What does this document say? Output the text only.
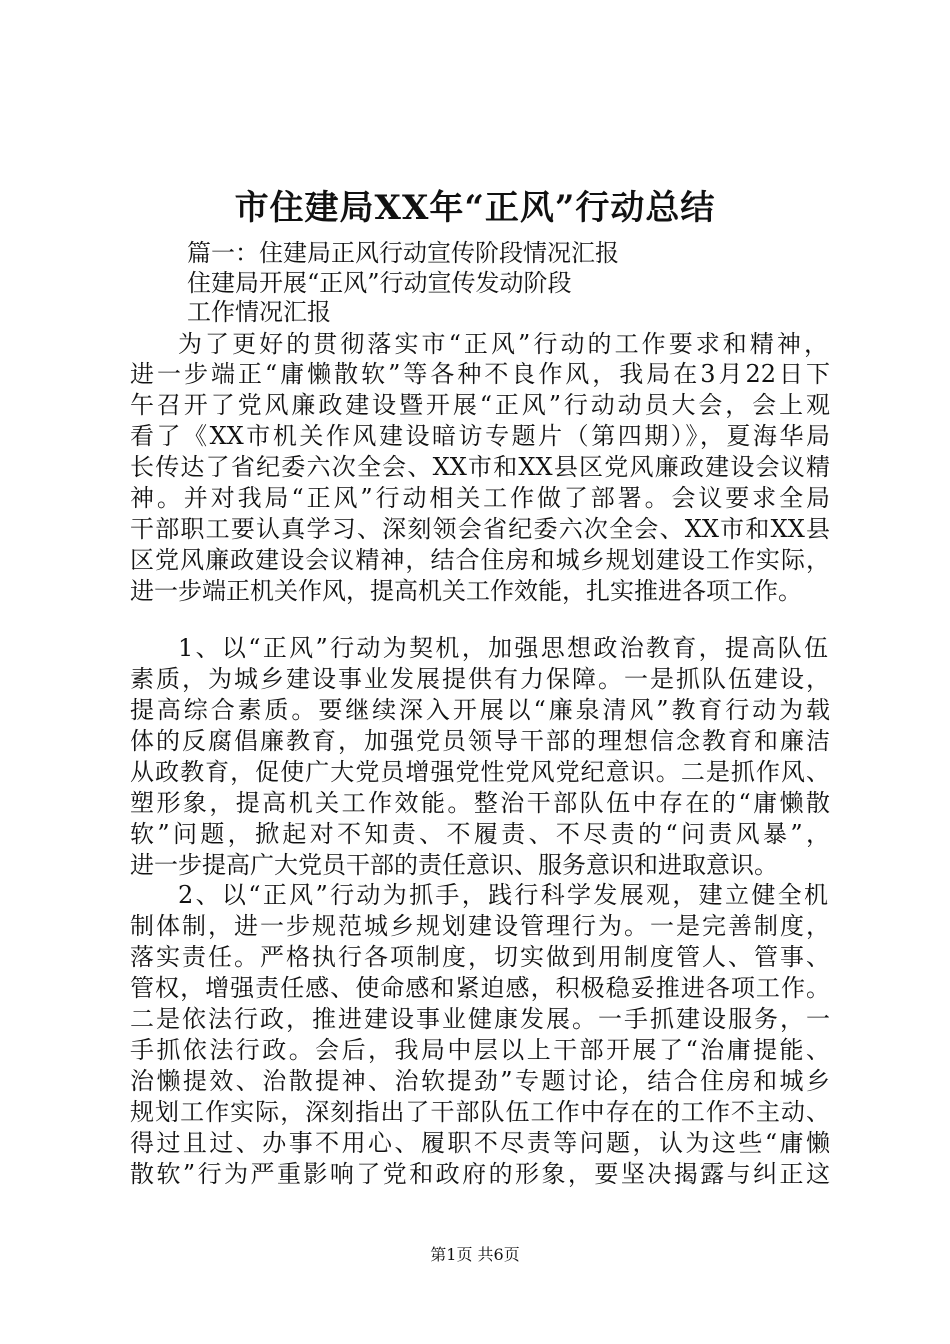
市住建局XX年“正风”行动总结
篇一：住建局正风行动宣传阶段情况汇报
住建局开展“正风”行动宣传发动阶段
工作情况汇报
为了更好的贯彻落实市“正风”行动的工作要求和精神，
进一步端正“庸懒散软”等各种不良作风，我局在3月22日下
午召开了党风廉政建设暨开展“正风”行动动员大会，会上观
看了《XX市机关作风建设暗访专题片（第四期）》，夏海华局
长传达了省纪委六次全会、XX市和XX县区党风廉政建设会议精
神。并对我局“正风”行动相关工作做了部署。会议要求全局
干部职工要认真学习、深刻领会省纪委六次全会、XX市和XX县
区党风廉政建设会议精神，结合住房和城乡规划建设工作实际，
进一步端正机关作风，提高机关工作效能，扎实推进各项工作。
1、以“正风”行动为契机，加强思想政治教育，提高队伍
素质，为城乡建设事业发展提供有力保障。一是抓队伍建设，
提高综合素质。要继续深入开展以“廉泉清风”教育行动为载
体的反腐倡廉教育，加强党员领导干部的理想信念教育和廉洁
从政教育，促使广大党员增强党性党风党纪意识。二是抓作风、
塑形象，提高机关工作效能。整治干部队伍中存在的“庸懒散
软”问题，掀起对不知责、不履责、不尽责的“问责风暴”，
进一步提高广大党员干部的责任意识、服务意识和进取意识。
2、以“正风”行动为抓手，践行科学发展观，建立健全机
制体制，进一步规范城乡规划建设管理行为。一是完善制度，
落实责任。严格执行各项制度，切实做到用制度管人、管事、
管权，增强责任感、使命感和紧迫感，积极稳妥推进各项工作。
二是依法行政，推进建设事业健康发展。一手抓建设服务，一
手抓依法行政。会后，我局中层以上干部开展了“治庸提能、
治懒提效、治散提神、治软提劲”专题讨论，结合住房和城乡
规划工作实际，深刻指出了干部队伍工作中存在的工作不主动、
得过且过、办事不用心、履职不尽责等问题，认为这些“庸懒
散软”行为严重影响了党和政府的形象，要坚决揭露与纠正这
第1页 共6页
